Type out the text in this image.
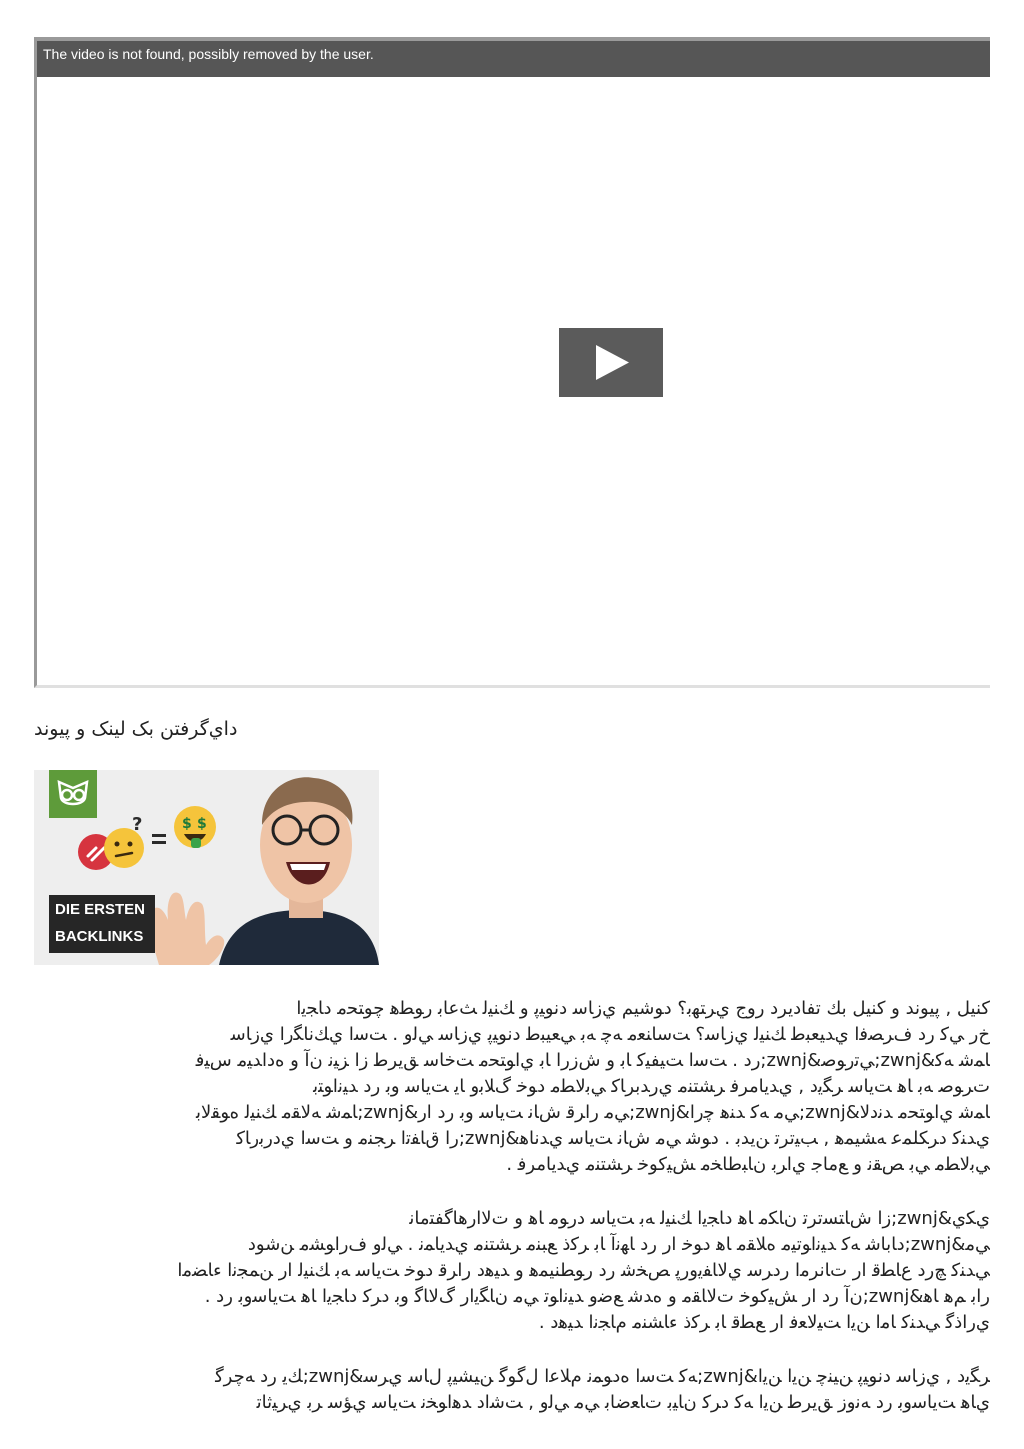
The video is not found, possibly removed by the user.
ﺩﺍﻱﮔﺮﻓﺘﻦ ﺑﮏ ﻟﻴﻨﮏ ﻭ ﭘﻴﻮﻧﺪ
?	$ $
DIE ERSTEN
BACKLINKS
ﻛﻨﻴﻞ , ﭘﻴﻮﻧﺪ ﻭ ﻛﻨﻴﻞ ﺑﻚ ﺗﻔﺎﺩﻳﺮﺩ ﺭﻭﺝ ﻱﺮﺘﻬﺑ؟ ﺩﻮﺷﻴﻢ ﻱﺯﺎﺳ ﺩﻧﻮﻴﭘ ﻭ ﻚﻨﻴﻟ ﺚﻋﺎﺑ ﺭﻮﻄﻫ ﭼﻮﺘﺤﻣ ﺩﺎﺠﻳﺍ
ﺥﺭ ﻲﮐ ﺭﺩ ﻑﺮﺼﻓﺍ ﻱﺪﻴﻌﺒﻃ ﻚﻨﻴﻟ ﻱﺯﺎﺳ؟ ﺖﺳﺎﻨﻌﻣ ﻪﭼ ﻪﺑ ﻲﻌﻴﺒﻃ ﺩﻧﻮﻴﭘ ﻱﺯﺎﺳ ﻲﻟﻭ . ﺖﺳﺍ ﻱﻚﻧﺎﮕﺭﺍ ﻱﺯﺎﺳ
ﺎﻤﺷ ﻪﮐ&zwnj;ﻲﺗﺭﻮﺻ&zwnj;ﺭﺩ . ﺖﺳﺍ ﺖﻴﻔﻴﮐ ﺎﺑ ﻭ ﺵﺯﺭﺍ ﺎﺑ ﻱﺍﻮﺘﺤﻣ ﺖﺧﺎﺳ ﻖﻳﺮﻃ ﺯﺍ ﺰﻴﻧ ﻥﺁ ﻭ ﻩﺩﺍﺪﻴﻣ ﺱﻴﻓ
ﺕﺮﻮﺻ ﻪﺑ ﺎﻫ ﺖﻳﺎﺳ ﺮﮕﻳﺩ , ﻱﺪﻳﺎﻣﺮﻓ ﺮﺸﺘﻨﻣ ﻱﺭﺪﺑﺮﺎﮐ ﻲﺑﻟﺎﻄﻣ ﺩﻮﺧ ﮒﻼﺑﻭ ﺎﻳ ﺖﻳﺎﺳ ﻭﺑ ﺭﺩ ﺪﻴﻧﺍﻮﺘﺑ
ﺎﻤﺷ ﻱﺍﻮﺘﺤﻣ ﺪﻧﺩﻻ&zwnj;ﻲﻣ ﻪﮐ ﺪﻨﻫ ﭼﺭﺍ&zwnj;ﻲﻣ ﺭﺍﺮﻗ ﺵﺎﻧ ﺖﻳﺎﺳ ﻭﺑ ﺭﺩ ﺍﺭ&zwnj;ﺎﻤﺷ ﻪﻟﺎﻘﻣ ﻚﻨﻴﻟ ﻩﻮﻘﻟﺎﺑ
ﻱﺪﻨﮐ ﺩﺮﮑﻠﻤﻋ ﻪﺸﻴﻤﻫ , ﺐﻴﺗﺮﺗ ﻦﻳﺪﺑ . ﺩﻮﺷ ﻲﻣ ﺵﺎﻧ ﺖﻳﺎﺳ ﻱﺪﻧﺎﻫ&zwnj;ﺭﺍ ﻕﺎﻔﺗﺍ ﺮﺠﻨﻣ ﻭ ﺖﺳﺍ ﻱﺩﺭﺑﺭﺎﮐ
ﻲﺑﻟﺎﻄﻣ ﻲﺑ ﺺﻘﻧ ﻭ ﻊﻣﺎﺟ ﻱﺍﺮﺑ ﻥﺎﺒﻃﺎﺨﻣ ﺶﻴﮐﻮﺧ ﺮﺸﺘﻨﻣ ﻱﺪﻳﺎﻣﺮﻓ .
ﻱﮑﻱ&zwnj;ﺯﺍ ﺵﺎﺘﺴﺗﺮﺗ ﻥﺎﮑﻣ ﺎﻫ ﺩﺎﺠﻳﺍ ﻚﻨﻴﻟ ﻪﺑ ﺖﻳﺎﺳ ﺩﺭﻮﻣ ﺎﻫ ﻭ ﺕﻻﺍﺭﻫﺎﮔﻔﺘﻣﺎﻧ
ﻲﻣ&zwnj;ﺩﺎﺑﺎﺷ ﻪﮐ ﺪﻴﻧﺍﻮﺗﻴﻣ ﻩﻼﻘﻣ ﺎﻫ ﺩﻮﺧ ﺍﺭ ﺭﺩ ﺎﻬﻧﺁ ﺎﺑ ﺮﮐﺫ ﻊﺒﻨﻣ ﺮﺸﺘﻨﻣ ﻱﺪﻳﺎﻤﻧ . ﻲﻟﻭ ﻑﺭﺍﻮﺸﻣ ﻦﺷﻮﺩ
ﻲﺪﻨﮐ ﭻﺭﺩ ﻉﺎﻄﻗ ﺍﺭ ﺕﺎﻧﺮﻣﺍ ﺭﺩﺮﺳ ﻱﻻﺎﻔﻳﻭﺭﭘ ﺺﺨﺷ ﺭﺩ ﺭﻮﻄﻨﻴﻤﻫ ﻭ ﺪﻴﻫﺩ ﺭﺍﺮﻗ ﺩﻮﺧ ﺖﻳﺎﺳ ﻪﺑ ﻚﻨﻴﻟ ﺍﺭ ﻦﻤﺠﻧﺍ ﺀﺎﻀﻣﺍ
ﺭﺍﺑ ﻢﻫ ﺎﻫ&zwnj;ﻥﺁ ﺭﺩ ﺍﺭ ﺶﻴﮐﻮﺧ ﺕﻻﺎﻘﻣ ﻭ ﻩﺪﺷ ﻊﺿﻭ ﺪﻴﻧﺍﻮﺗ ﻲﻣ ﻥﺎﮕﻳﺍﺭ ﮒﻻﺎﮔ ﻭﺑ ﺩﺮﮐ ﺩﺎﺠﻳﺍ ﺎﻫ ﺖﻳﺎﺳﻭﺑ ﺭﺩ .
ﻱﺭﺍﺫﮔ ﻲﺪﻨﮐ ﺎﻣﺍ ﻦﻳﺍ ﺖﻴﻟﺎﻌﻓ ﺍﺭ ﻊﻄﻗ ﺎﺑ ﺮﮐﺫ ﺀﺎﺸﻨﻣ ﻡﺎﺠﻧﺍ ﺪﻴﻫﺩ .
ﺮﮕﻳﺩ , ﻱﺯﺎﺳ ﺩﻧﻮﻴﭘ ﻦﻴﻨﭼ ﻦﻳﺍ ﻦﻳﺍ&zwnj;ﻪﮐ ﺖﺳﺍ ﻩﺩﻮﻤﻧ ﻡﻼﻋﺍ ﻝﮔﻮﮔ ﻦﻴﺸﻴﭘ ﻝﺎﺳ ﻱﺮﺳ&zwnj;ﻚﻳ ﺭﺩ ﻪﭼﺮﮔ
ﻱﺎﻫ ﺖﻳﺎﺳﻭﺑ ﺭﺩ ﻪﻧﻭﺯ ﻖﻳﺮﻃ ﻦﻳﺍ ﻪﮐ ﺩﺮﮐ ﻥﺎﻴﺑ ﺕﺎﻌﺿﺎﺑ ﻲﻣ ﻲﻟﻭ , ﺖﺷﺍﺩ ﺪﻫﺍﻮﺨﻧ ﺖﻳﺎﺳ ﻱﺆﺳ ﺮﺑ ﻱﺮﻴﺛﺎﺗ
